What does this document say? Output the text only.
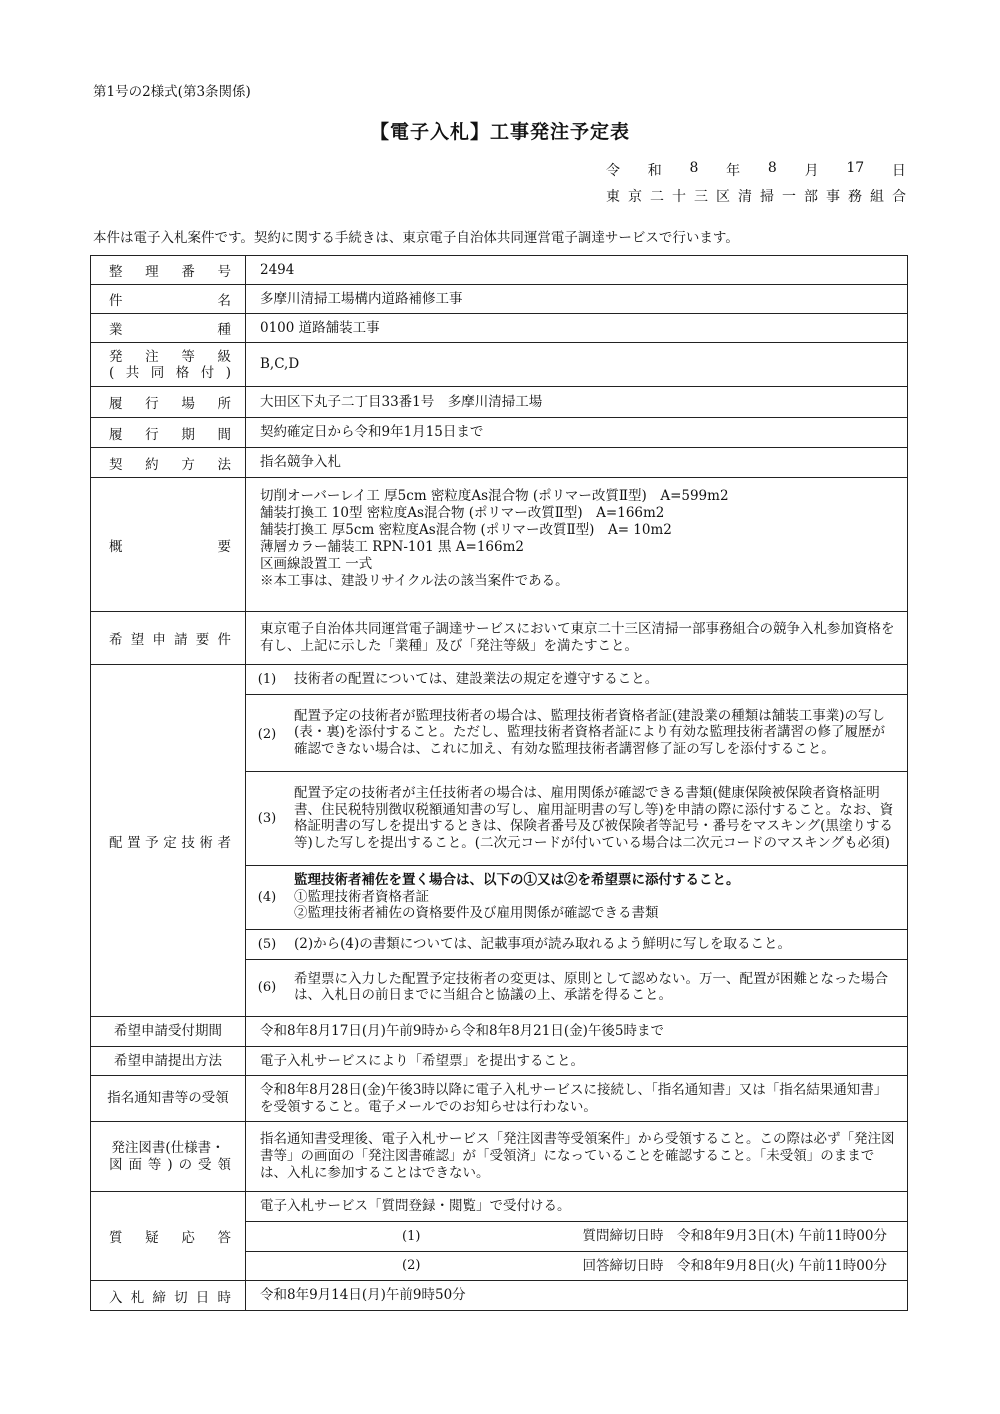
第1号の2様式(第3条関係)
【電子入札】工事発注予定表
令 和 8 年 8 月 17 日
東 京 二 十 三 区 清 掃 一 部 事 務 組 合
本件は電子入札案件です。契約に関する手続きは、東京電子自治体共同運営電子調達サービスで行います。
整 理 番 号	2494

件	名	多摩川清掃工場構内道路補修工事

業	種	0100 道路舗装工事

発 注 等 級
( 共 同 格 付 )
	B,C,D

履 行 場 所	大田区下丸子二丁目33番1号　多摩川清掃工場

履 行 期 間	契約確定日から令和9年1月15日まで

契 約 方 法	指名競争入札

概	要

切削オーバーレイ工 厚5cm 密粒度As混合物 (ポリマー改質Ⅱ型)　A=599m2
舗装打換工 10型 密粒度As混合物 (ポリマー改質Ⅱ型)　A=166m2
舗装打換工 厚5cm 密粒度As混合物 (ポリマー改質Ⅱ型)　A= 10m2
薄層カラー舗装工 RPN-101 黒 A=166m2
区画線設置工 一式
※本工事は、建設リサイクル法の該当案件である。

希 望 申 請 要 件
	東京電子自治体共同運営電子調達サービスにおいて東京二十三区清掃一部事務組合の競争入札参加資格を有し、上記に示した「業種」及び「発注等級」を満たすこと。

配 置 予 定 技 術 者

(1)	技術者の配置については、建設業法の規定を遵守すること。
(2)	配置予定の技術者が監理技術者の場合は、監理技術者資格者証(建設業の種類は舗装工事業)の写し(表・裏)を添付すること。ただし、監理技術者資格者証により有効な監理技術者講習の修了履歴が確認できない場合は、これに加え、有効な監理技術者講習修了証の写しを添付すること。
(3)	配置予定の技術者が主任技術者の場合は、雇用関係が確認できる書類(健康保険被保険者資格証明書、住民税特別徴収税額通知書の写し、雇用証明書の写し等)を申請の際に添付すること。なお、資格証明書の写しを提出するときは、保険者番号及び被保険者等記号・番号をマスキング(黒塗りする等)した写しを提出すること。(二次元コードが付いている場合は二次元コードのマスキングも必須)
(4)	
監理技術者補佐を置く場合は、以下の①又は②を希望票に添付すること。
①監理技術者資格者証
②監理技術者補佐の資格要件及び雇用関係が確認できる書類

(5)	(2)から(4)の書類については、記載事項が読み取れるよう鮮明に写しを取ること。
(6)	希望票に入力した配置予定技術者の変更は、原則として認めない。万一、配置が困難となった場合は、入札日の前日までに当組合と協議の上、承諾を得ること。

希望申請受付期間	令和8年8月17日(月)午前9時から令和8年8月21日(金)午後5時まで
希望申請提出方法	電子入札サービスにより「希望票」を提出すること。
指名通知書等の受領	令和8年8月28日(金)午後3時以降に電子入札サービスに接続し、「指名通知書」又は「指名結果通知書」を受領すること。電子メールでのお知らせは行わない。

発注図書(仕様書・
図 面 等 ) の 受 領
	指名通知書受理後、電子入札サービス「発注図書等受領案件」から受領すること。この際は必ず「発注図書等」の画面の「発注図書確認」が「受領済」になっていることを確認すること。「未受領」のままでは、入札に参加することはできない。

質 疑 応 答

電子入札サービス「質問登録・閲覧」で受付ける。
(1)	質問締切日時　令和8年9月3日(木) 午前11時00分
(2)	回答締切日時　令和8年9月8日(火) 午前11時00分

入 札 締 切 日 時	令和8年9月14日(月)午前9時50分
